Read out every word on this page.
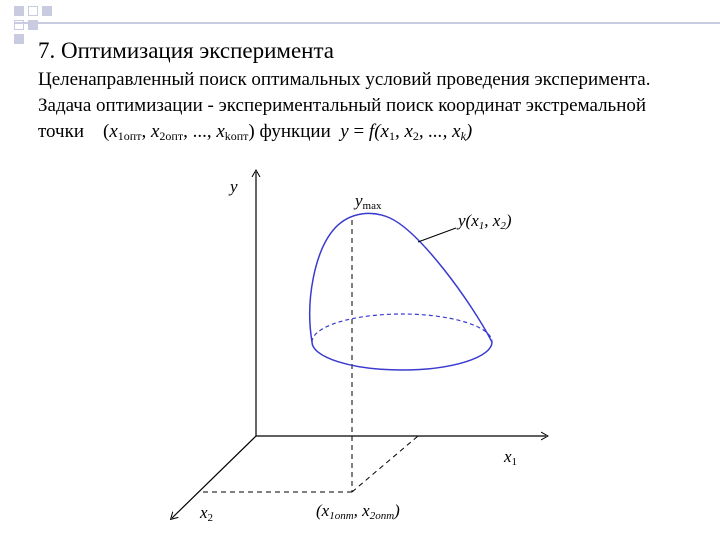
7. Оптимизация эксперимента
Целенаправленный поиск оптимальных условий проведения эксперимента.
Задача оптимизации - экспериментальный поиск координат экстремальной
точки ($x_{1опт}$, $x_{2опт}$, ..., $x_{kопт}$) функции $y = f(x_1$, $x_2$, ..., $x_k$)
y
ymax
y(x1, x2)
x1
x2	(x1опт, x2опт)
